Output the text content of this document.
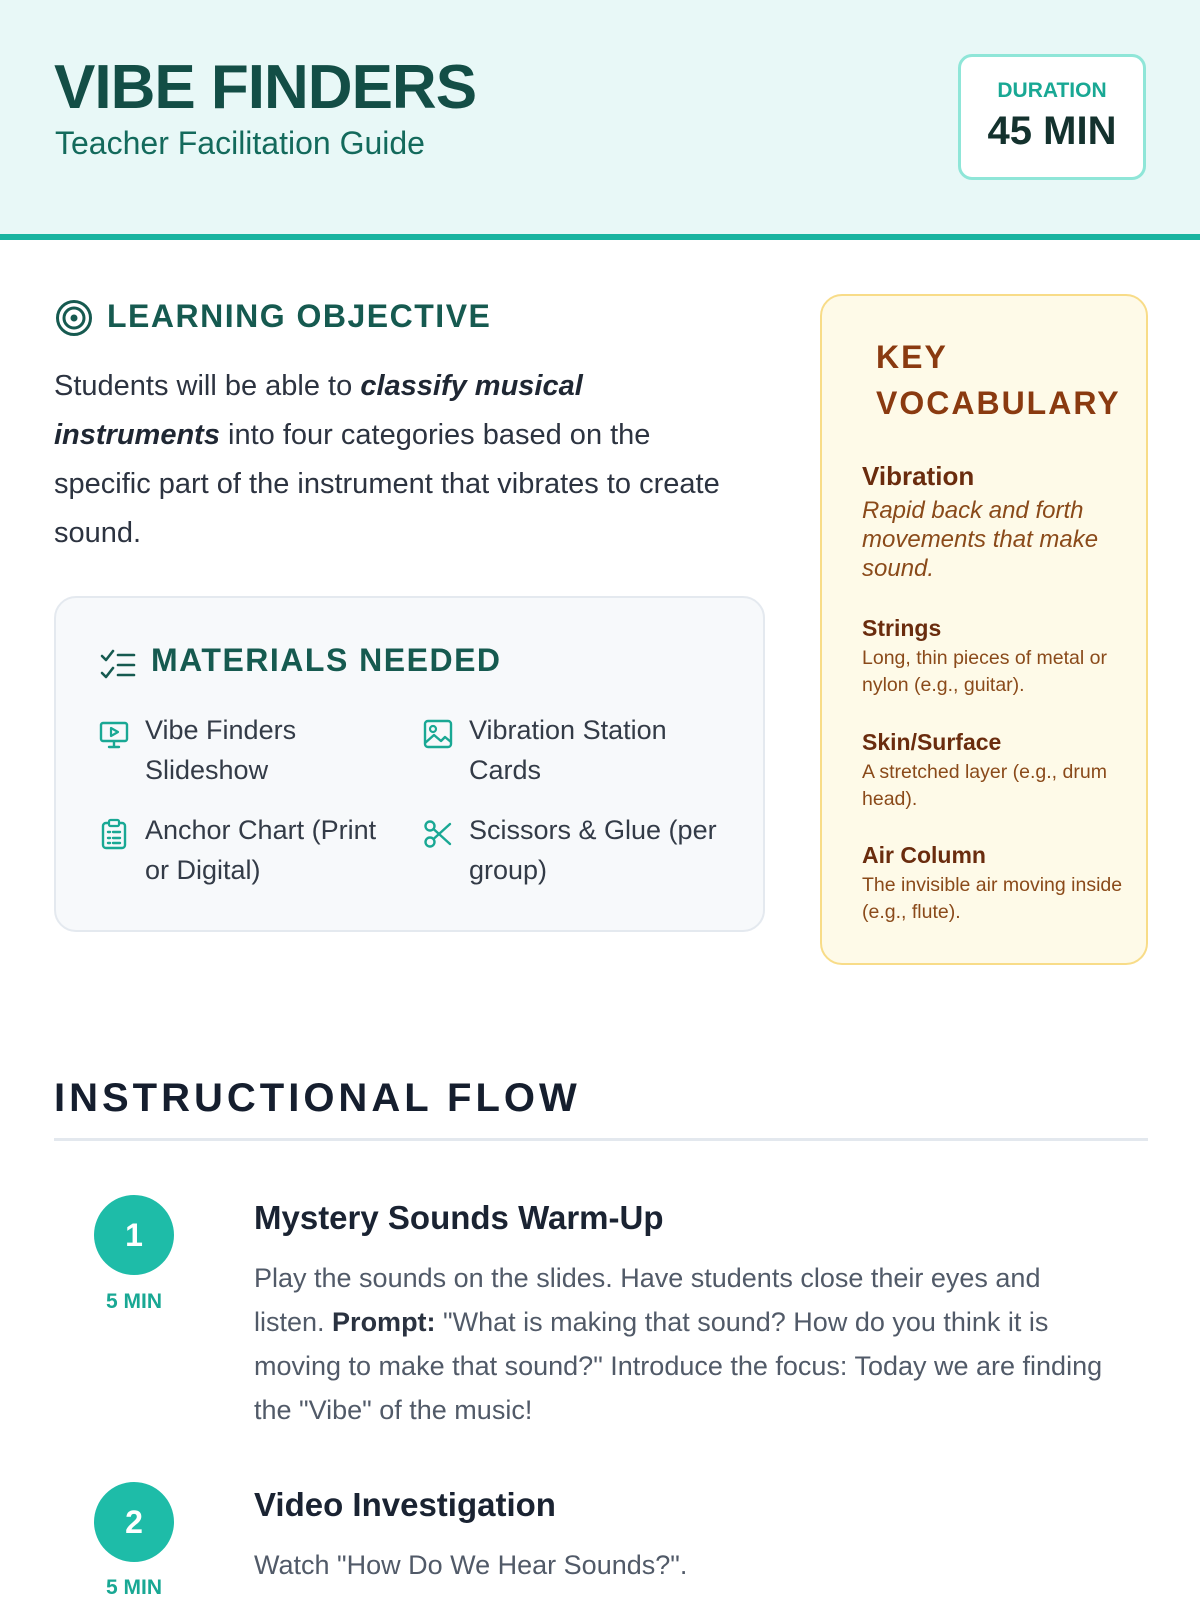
VIBE FINDERS
Teacher Facilitation Guide
DURATION
45 MIN
LEARNING OBJECTIVE

Students will be able to classify musical instruments into four categories based on the specific part of the instrument that vibrates to create sound.

MATERIALS NEEDED
Vibe Finders Slideshow
Vibration Station Cards
Anchor Chart (Print or Digital)
Scissors & Glue (per group)
KEY VOCABULARY
Vibration
Rapid back and forth movements that make sound.
Strings
Long, thin pieces of metal or nylon (e.g., guitar).
Skin/Surface
A stretched layer (e.g., drum head).
Air Column
The invisible air moving inside (e.g., flute).
INSTRUCTIONAL FLOW
1
5 MIN
Mystery Sounds Warm-Up

Play the sounds on the slides. Have students close their eyes and listen. Prompt: "What is making that sound? How do you think it is moving to make that sound?" Introduce the focus: Today we are finding the "Vibe" of the music!

2
5 MIN
Video Investigation

Watch "How Do We Hear Sounds?".
